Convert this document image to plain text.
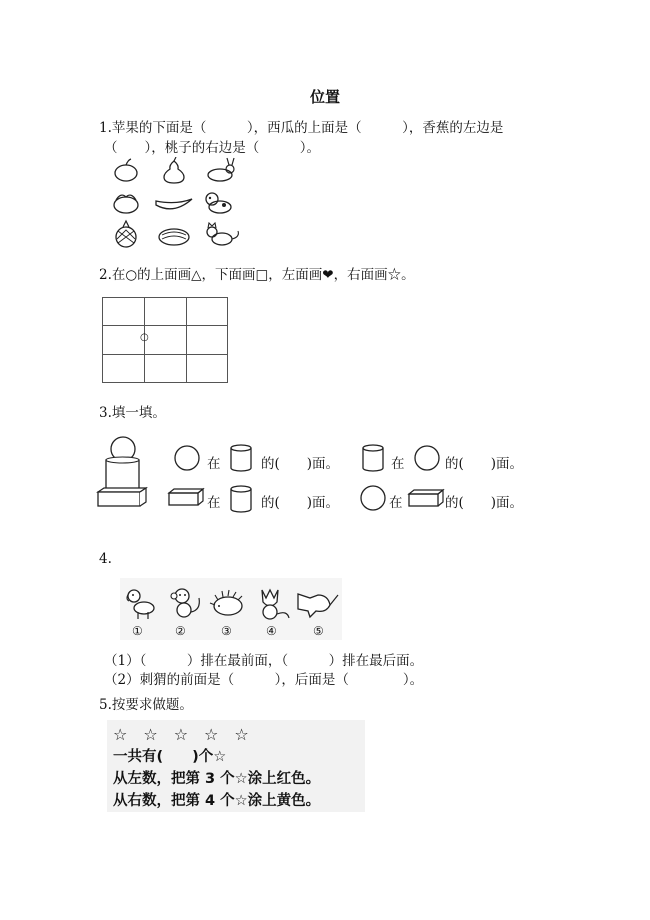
位置
1.苹果的下面是（　　　），西瓜的上面是（　　　），香蕉的左边是
（　　），桃子的右边是（　　　）。
2.在○的上面画△，下面画□，左面画❤，右面画☆。
○
3.填一填。
在	的(　　)面。	在	的(　　)面。
在	的(　　)面。	在	的(　　)面。
4.
①	②	③	④	⑤
（1）（　　　）排在最前面，（　　　）排在最后面。
（2）刺猬的前面是（　　　），后面是（　　　　）。
5.按要求做题。
☆　☆　☆　☆　☆
一共有(　　)个☆
从左数，把第 3 个☆涂上红色。
从右数，把第 4 个☆涂上黄色。
